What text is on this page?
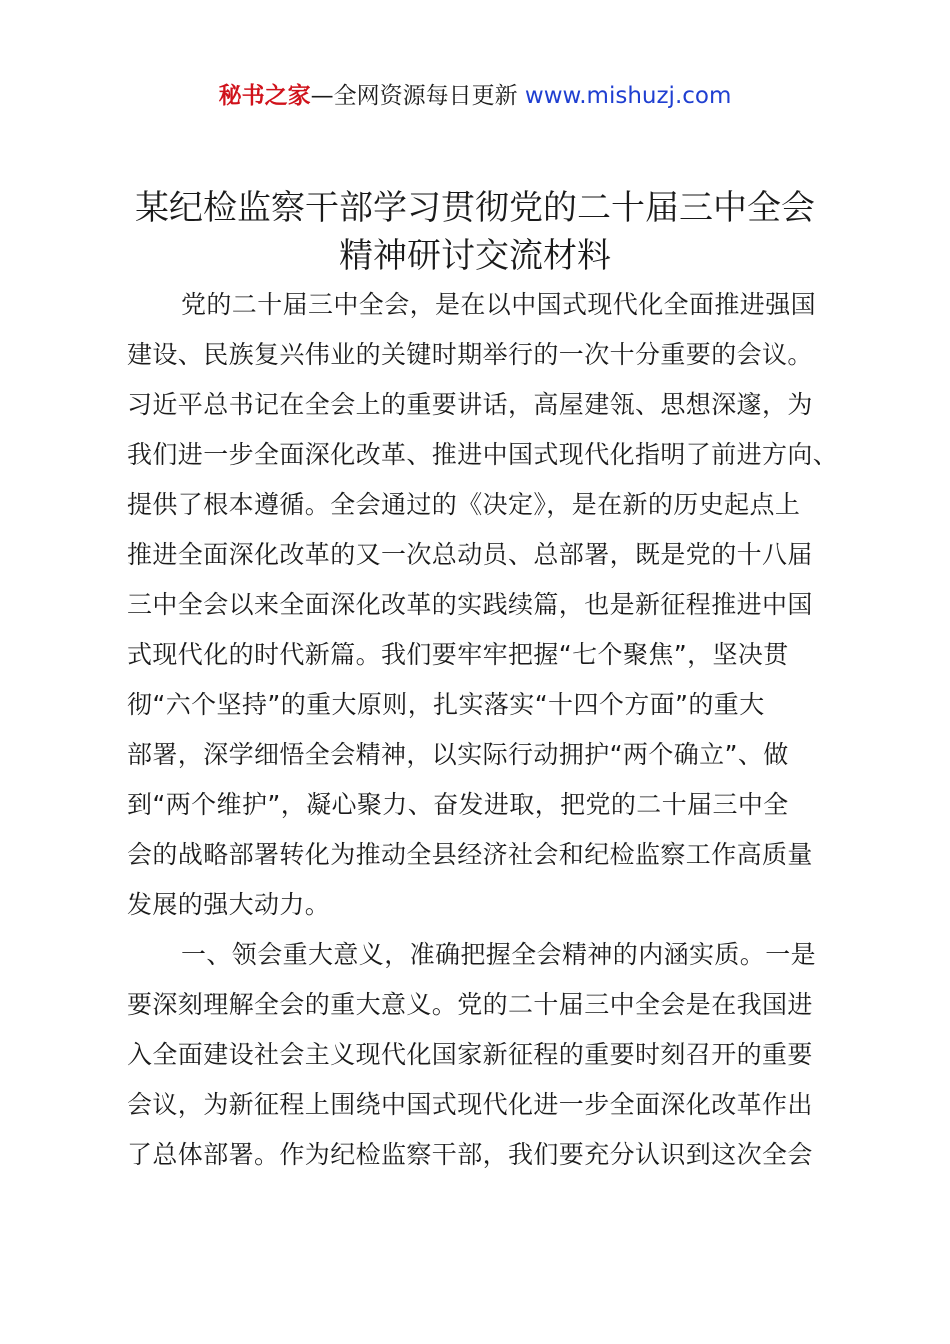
秘书之家—全网资源每日更新 www.mishuzj.com
某纪检监察干部学习贯彻党的二十届三中全会
精神研讨交流材料

党的二十届三中全会，是在以中国式现代化全面推进强国
建设、民族复兴伟业的关键时期举行的一次十分重要的会议。
习近平总书记在全会上的重要讲话，高屋建瓴、思想深邃，为
我们进一步全面深化改革、推进中国式现代化指明了前进方向、
提供了根本遵循。全会通过的《决定》，是在新的历史起点上
推进全面深化改革的又一次总动员、总部署，既是党的十八届
三中全会以来全面深化改革的实践续篇，也是新征程推进中国
式现代化的时代新篇。我们要牢牢把握“七个聚焦”，坚决贯
彻“六个坚持”的重大原则，扎实落实“十四个方面”的重大
部署，深学细悟全会精神，以实际行动拥护“两个确立”、做
到“两个维护”，凝心聚力、奋发进取，把党的二十届三中全
会的战略部署转化为推动全县经济社会和纪检监察工作高质量
发展的强大动力。

一、领会重大意义，准确把握全会精神的内涵实质。一是
要深刻理解全会的重大意义。党的二十届三中全会是在我国进
入全面建设社会主义现代化国家新征程的重要时刻召开的重要
会议，为新征程上围绕中国式现代化进一步全面深化改革作出
了总体部署。作为纪检监察干部，我们要充分认识到这次全会
